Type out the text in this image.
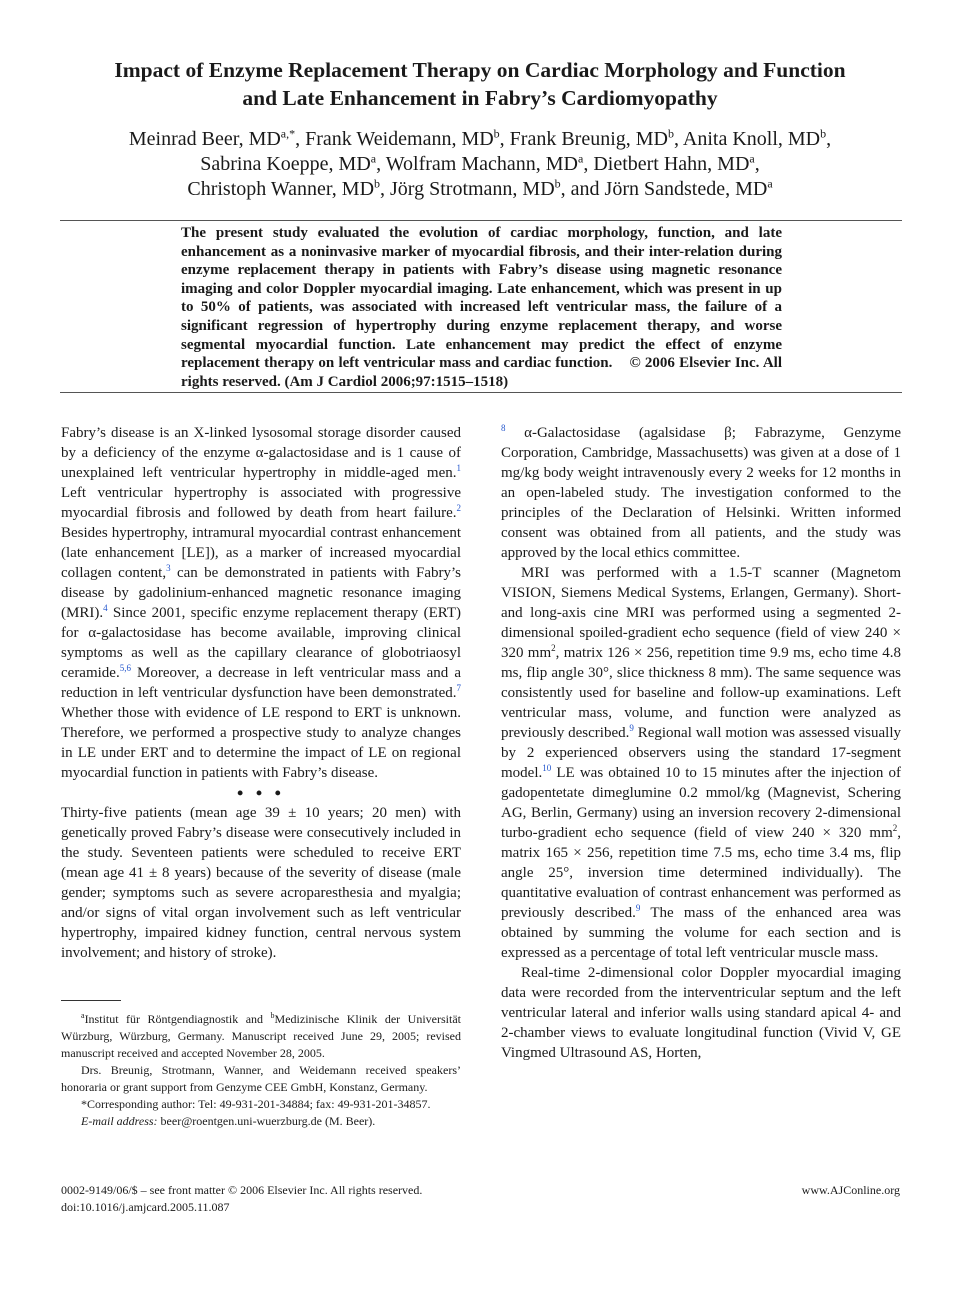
Impact of Enzyme Replacement Therapy on Cardiac Morphology and Function
and Late Enhancement in Fabry’s Cardiomyopathy
Meinrad Beer, $MD^{a,*}$, Frank Weidemann, $MD^b$, Frank Breunig, $MD^b$, Anita Knoll, $MD^b$,
Sabrina Koeppe, $MD^a$, Wolfram Machann, $MD^a$, Dietbert Hahn, $MD^a$,
Christoph Wanner, $MD^b$, Jörg Strotmann, $MD^b$, and Jörn Sandstede, $MD^a$
The present study evaluated the evolution of cardiac morphology, function, and late enhancement as a noninvasive marker of myocardial fibrosis, and their inter-relation during enzyme replacement therapy in patients with Fabry’s disease using magnetic resonance imaging and color Doppler myocardial imaging. Late enhancement, which was present in up to 50% of patients, was associated with increased left ventricular mass, the failure of a significant regression of hypertrophy during enzyme replacement therapy, and worse segmental myocardial function. Late enhancement may predict the effect of enzyme replacement therapy on left ventricular mass and cardiac function. © 2006 Elsevier Inc. All rights reserved. (Am J Cardiol 2006;97:1515–1518)

Fabry’s disease is an X-linked lysosomal storage disorder caused by a deficiency of the enzyme α-galactosidase and is 1 cause of unexplained left ventricular hypertrophy in middle-aged men.$^1$ Left ventricular hypertrophy is associated with progressive myocardial fibrosis and followed by death from heart failure.$^2$ Besides hypertrophy, intramural myocardial contrast enhancement (late enhancement [LE]), as a marker of increased myocardial collagen content,$^3$ can be demonstrated in patients with Fabry’s disease by gadolinium-enhanced magnetic resonance imaging (MRI).$^4$ Since 2001, specific enzyme replacement therapy (ERT) for α-galactosidase has become available, improving clinical symptoms as well as the capillary clearance of globotriaosyl ceramide.$^{5,6}$ Moreover, a decrease in left ventricular mass and a reduction in left ventricular dysfunction have been demonstrated.$^7$ Whether those with evidence of LE respond to ERT is unknown. Therefore, we performed a prospective study to analyze changes in LE under ERT and to determine the impact of LE on regional myocardial function in patients with Fabry’s disease.

• • •

Thirty-five patients (mean age 39 ± 10 years; 20 men) with genetically proved Fabry’s disease were consecutively included in the study. Seventeen patients were scheduled to receive ERT (mean age 41 ± 8 years) because of the severity of disease (male gender; symptoms such as severe acroparesthesia and myalgia; and/or signs of vital organ involvement such as left ventricular hypertrophy, impaired kidney function, central nervous system involvement; and history of stroke).

$^a$Institut für Röntgendiagnostik and $^b$Medizinische Klinik der Universität Würzburg, Würzburg, Germany. Manuscript received June 29, 2005; revised manuscript received and accepted November 28, 2005.

Drs. Breunig, Strotmann, Wanner, and Weidemann received speakers’ honoraria or grant support from Genzyme CEE GmbH, Konstanz, Germany.

*Corresponding author: Tel: 49-931-201-34884; fax: 49-931-201-34857.

E-mail address: beer@roentgen.uni-wuerzburg.de (M. Beer).

0002-9149/06/$ – see front matter © 2006 Elsevier Inc. All rights reserved.
doi:10.1016/j.amjcard.2005.11.087
www.AJConline.org

$^8$ α-Galactosidase (agalsidase β; Fabrazyme, Genzyme Corporation, Cambridge, Massachusetts) was given at a dose of 1 mg/kg body weight intravenously every 2 weeks for 12 months in an open-labeled study. The investigation conformed to the principles of the Declaration of Helsinki. Written informed consent was obtained from all patients, and the study was approved by the local ethics committee.

MRI was performed with a 1.5-T scanner (Magnetom VISION, Siemens Medical Systems, Erlangen, Germany). Short- and long-axis cine MRI was performed using a segmented 2-dimensional spoiled-gradient echo sequence (field of view 240 × 320 $mm^2$, matrix 126 × 256, repetition time 9.9 ms, echo time 4.8 ms, flip angle 30°, slice thickness 8 mm). The same sequence was consistently used for baseline and follow-up examinations. Left ventricular mass, volume, and function were analyzed as previously described.$^9$ Regional wall motion was assessed visually by 2 experienced observers using the standard 17-segment model.$^{10}$ LE was obtained 10 to 15 minutes after the injection of gadopentetate dimeglumine 0.2 mmol/kg (Magnevist, Schering AG, Berlin, Germany) using an inversion recovery 2-dimensional turbo-gradient echo sequence (field of view 240 × 320 $mm^2$, matrix 165 × 256, repetition time 7.5 ms, echo time 3.4 ms, flip angle 25°, inversion time determined individually). The quantitative evaluation of contrast enhancement was performed as previously described.$^9$ The mass of the enhanced area was obtained by summing the volume for each section and is expressed as a percentage of total left ventricular muscle mass.

Real-time 2-dimensional color Doppler myocardial imaging data were recorded from the interventricular septum and the left ventricular lateral and inferior walls using standard apical 4- and 2-chamber views to evaluate longitudinal function (Vivid V, GE Vingmed Ultrasound AS, Horten,
